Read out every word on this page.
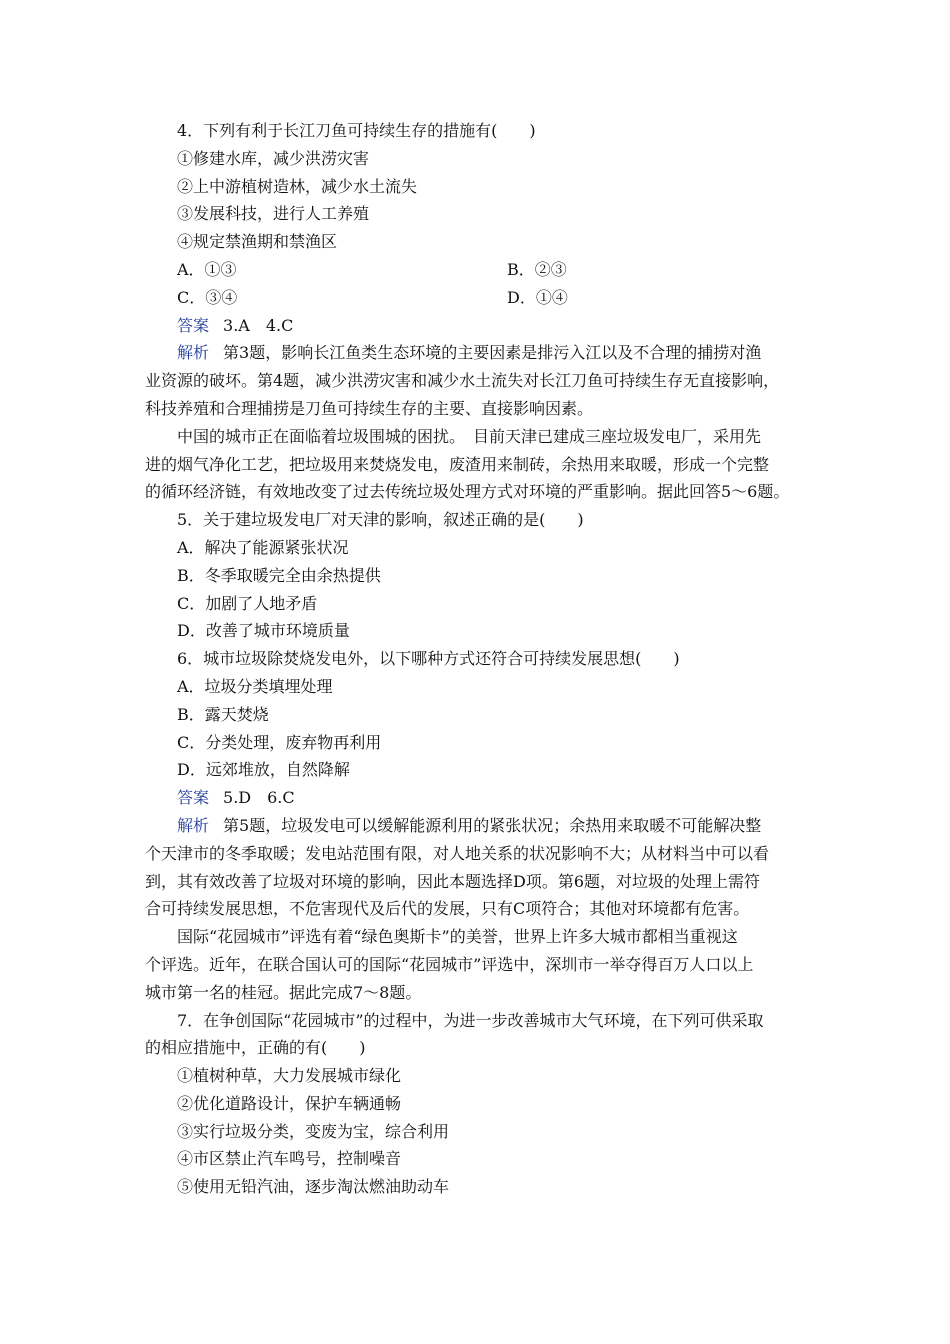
4．下列有利于长江刀鱼可持续生存的措施有(　　)
①修建水库，减少洪涝灾害
②上中游植树造林，减少水土流失
③发展科技，进行人工养殖
④规定禁渔期和禁渔区
A．①③	B．②③
C．③④	D．①④
答案 3.A　4.C
解析 第3题，影响长江鱼类生态环境的主要因素是排污入江以及不合理的捕捞对渔
业资源的破坏。第4题，减少洪涝灾害和减少水土流失对长江刀鱼可持续生存无直接影响，
科技养殖和合理捕捞是刀鱼可持续生存的主要、直接影响因素。
中国的城市正在面临着垃圾围城的困扰。　目前天津已建成三座垃圾发电厂，采用先
进的烟气净化工艺，把垃圾用来焚烧发电，废渣用来制砖，余热用来取暖，形成一个完整
的循环经济链，有效地改变了过去传统垃圾处理方式对环境的严重影响。据此回答5～6题。
5．关于建垃圾发电厂对天津的影响，叙述正确的是(　　)
A．解决了能源紧张状况
B．冬季取暖完全由余热提供
C．加剧了人地矛盾
D．改善了城市环境质量
6．城市垃圾除焚烧发电外，以下哪种方式还符合可持续发展思想(　　)
A．垃圾分类填埋处理
B．露天焚烧
C．分类处理，废弃物再利用
D．远郊堆放，自然降解
答案 5.D　6.C
解析 第5题，垃圾发电可以缓解能源利用的紧张状况；余热用来取暖不可能解决整
个天津市的冬季取暖；发电站范围有限，对人地关系的状况影响不大；从材料当中可以看
到，其有效改善了垃圾对环境的影响，因此本题选择D项。第6题，对垃圾的处理上需符
合可持续发展思想，不危害现代及后代的发展，只有C项符合；其他对环境都有危害。
国际“花园城市”评选有着“绿色奥斯卡”的美誉，世界上许多大城市都相当重视这
个评选。近年，在联合国认可的国际“花园城市”评选中，深圳市一举夺得百万人口以上
城市第一名的桂冠。据此完成7～8题。
7．在争创国际“花园城市”的过程中，为进一步改善城市大气环境，在下列可供采取
的相应措施中，正确的有(　　)
①植树种草，大力发展城市绿化
②优化道路设计，保护车辆通畅
③实行垃圾分类，变废为宝，综合利用
④市区禁止汽车鸣号，控制噪音
⑤使用无铅汽油，逐步淘汰燃油助动车
